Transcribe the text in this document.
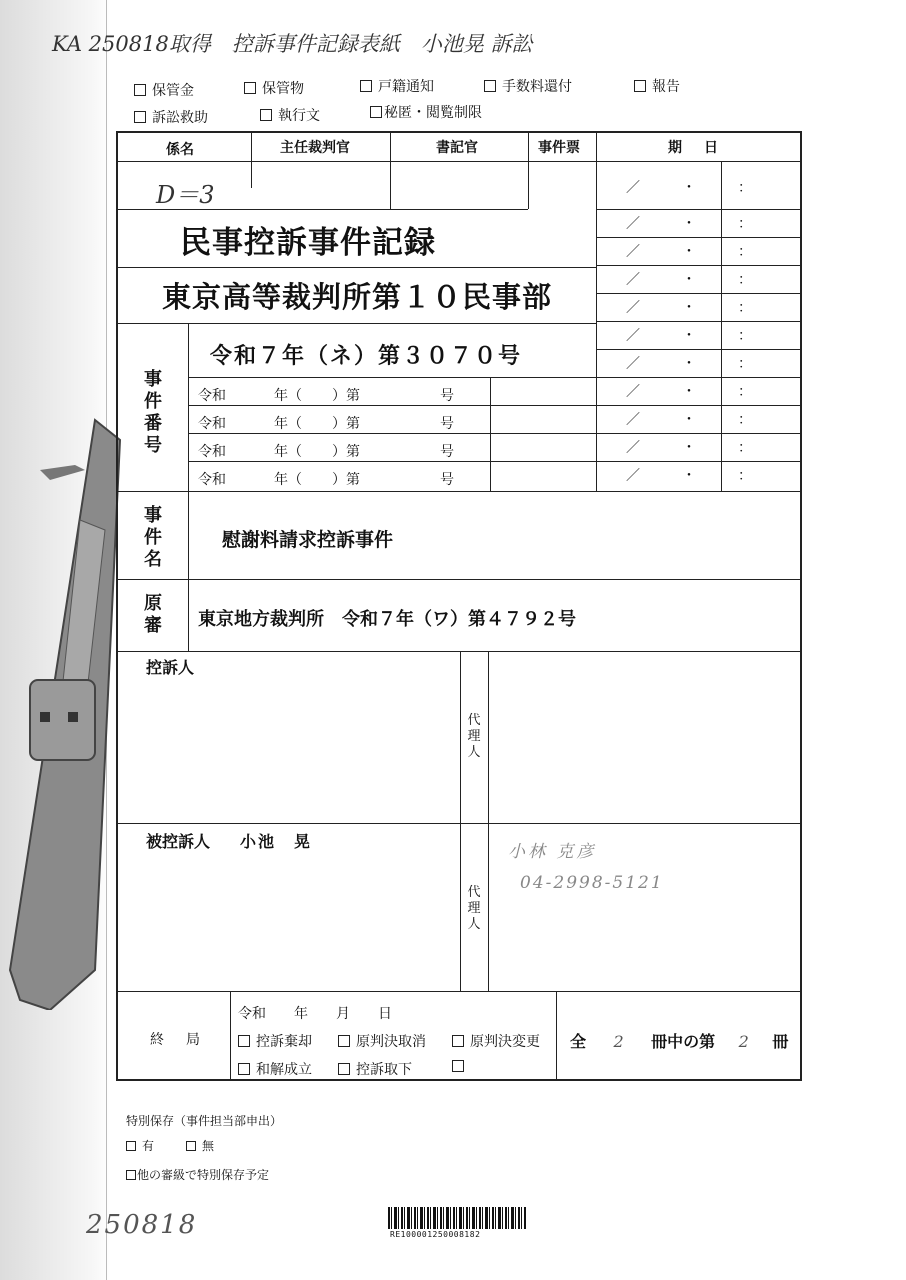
KA 250818取得　控訴事件記録表紙　小池晃 訴訟
保管金	保管物	戸籍通知	手数料還付	報告
訴訟救助	執行文	秘匿・閲覧制限
係名	主任裁判官	書記官	事件票	期　日
D＝3
民事控訴事件記録
東京高等裁判所第１０民事部
／　・　：
／　・　：
／　・　：
／　・　：
／　・　：
／　・　：
／　・　：
／　・　：
／　・　：
／　・　：
／　・　：
事件番号
令和７年（ネ）第３０７０号
令和	年（ ）第	号
令和	年（ ）第	号
令和	年（ ）第	号
令和	年（ ）第	号
事件名
慰謝料請求控訴事件
原審 東京地方裁判所　令和７年（ワ）第４７９２号
控訴人
代理人
被控訴人 小池　晃
代理人
小林 克彦
04-2998-5121
終　局
令和　　年　　月　　日
控訴棄却	原判決取消	原判決変更
和解成立	控訴取下
全 2 冊中の第 2 冊
特別保存（事件担当部申出）
有	無
他の審級で特別保存予定
250818	RE100001250008182
